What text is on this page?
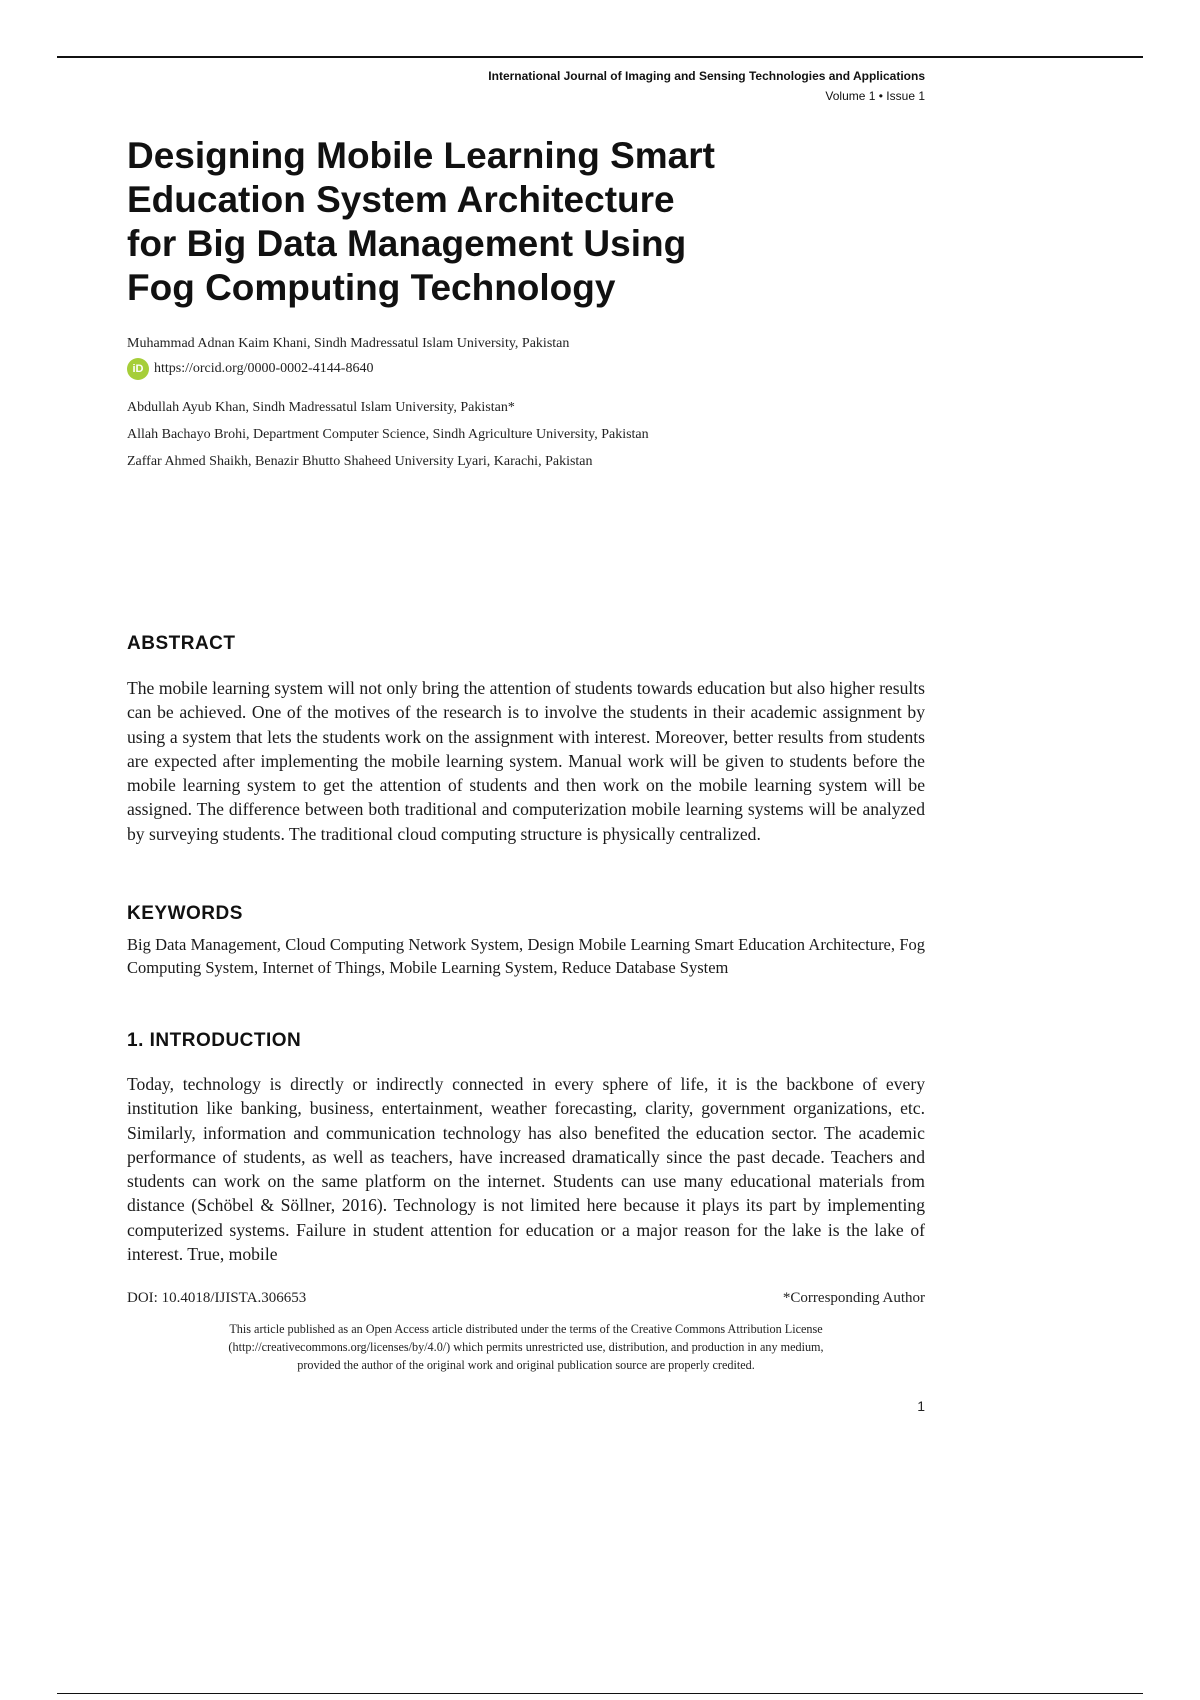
International Journal of Imaging and Sensing Technologies and Applications
Volume 1 • Issue 1
Designing Mobile Learning Smart
Education System Architecture
for Big Data Management Using
Fog Computing Technology
Muhammad Adnan Kaim Khani, Sindh Madressatul Islam University, Pakistan
iD https://orcid.org/0000-0002-4144-8640
Abdullah Ayub Khan, Sindh Madressatul Islam University, Pakistan*
Allah Bachayo Brohi, Department Computer Science, Sindh Agriculture University, Pakistan
Zaffar Ahmed Shaikh, Benazir Bhutto Shaheed University Lyari, Karachi, Pakistan
ABSTRACT

The mobile learning system will not only bring the attention of students towards education but also higher results can be achieved. One of the motives of the research is to involve the students in their academic assignment by using a system that lets the students work on the assignment with interest. Moreover, better results from students are expected after implementing the mobile learning system. Manual work will be given to students before the mobile learning system to get the attention of students and then work on the mobile learning system will be assigned. The difference between both traditional and computerization mobile learning systems will be analyzed by surveying students. The traditional cloud computing structure is physically centralized.

KEYWORDS

Big Data Management, Cloud Computing Network System, Design Mobile Learning Smart Education Architecture, Fog Computing System, Internet of Things, Mobile Learning System, Reduce Database System

1. INTRODUCTION

Today, technology is directly or indirectly connected in every sphere of life, it is the backbone of every institution like banking, business, entertainment, weather forecasting, clarity, government organizations, etc. Similarly, information and communication technology has also benefited the education sector. The academic performance of students, as well as teachers, have increased dramatically since the past decade. Teachers and students can work on the same platform on the internet. Students can use many educational materials from distance (Schöbel & Söllner, 2016). Technology is not limited here because it plays its part by implementing computerized systems. Failure in student attention for education or a major reason for the lake is the lake of interest. True, mobile

DOI: 10.4018/IJISTA.306653	*Corresponding Author

This article published as an Open Access article distributed under the terms of the Creative Commons Attribution License
(http://creativecommons.org/licenses/by/4.0/) which permits unrestricted use, distribution, and production in any medium,
provided the author of the original work and original publication source are properly credited.

1
